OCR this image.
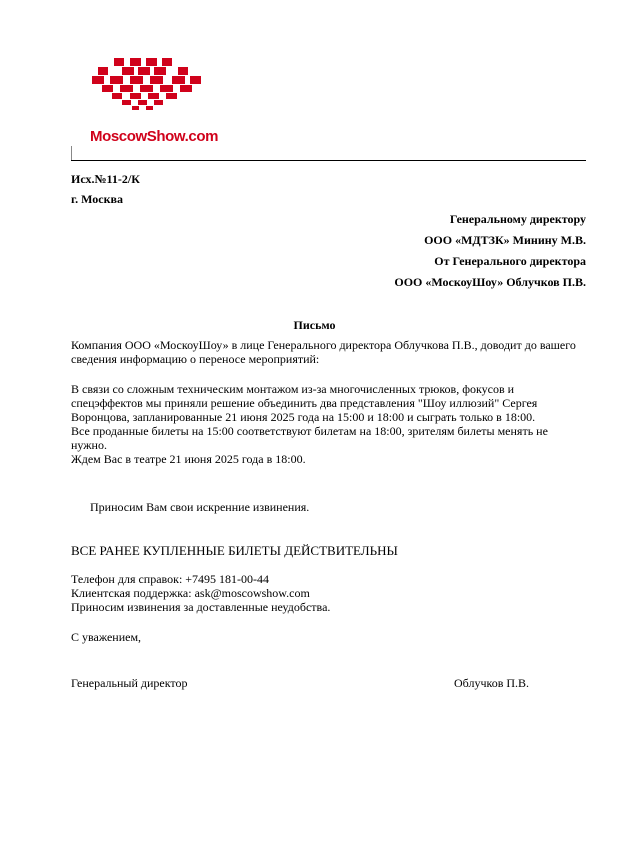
MoscowShow.com
Исх.№11-2/К
г. Москва
Генеральному директору
ООО «МДТЗК» Минину М.В.
От Генерального директора
ООО «МоскоуШоу» Облучков П.В.
Письмо
Компания ООО «МоскоуШоу» в лице Генерального директора Облучкова П.В., доводит до вашего сведения информацию о переносе мероприятий:
В связи со сложным техническим монтажом из-за многочисленных трюков, фокусов и спецэффектов мы приняли решение объединить два представления "Шоу иллюзий" Сергея Воронцова, запланированные 21 июня 2025 года на 15:00 и 18:00 и сыграть только в 18:00.
Все проданные билеты на 15:00 соответствуют билетам на 18:00, зрителям билеты менять не нужно.
Ждем Вас в театре 21 июня 2025 года в 18:00.
Приносим Вам свои искренние извинения.
ВСЕ РАНЕЕ КУПЛЕННЫЕ БИЛЕТЫ ДЕЙСТВИТЕЛЬНЫ
Телефон для справок: +7495 181-00-44
Клиентская поддержка: ask@moscowshow.com
Приносим извинения за доставленные неудобства.
С уважением,
Генеральный директор	Облучков П.В.
